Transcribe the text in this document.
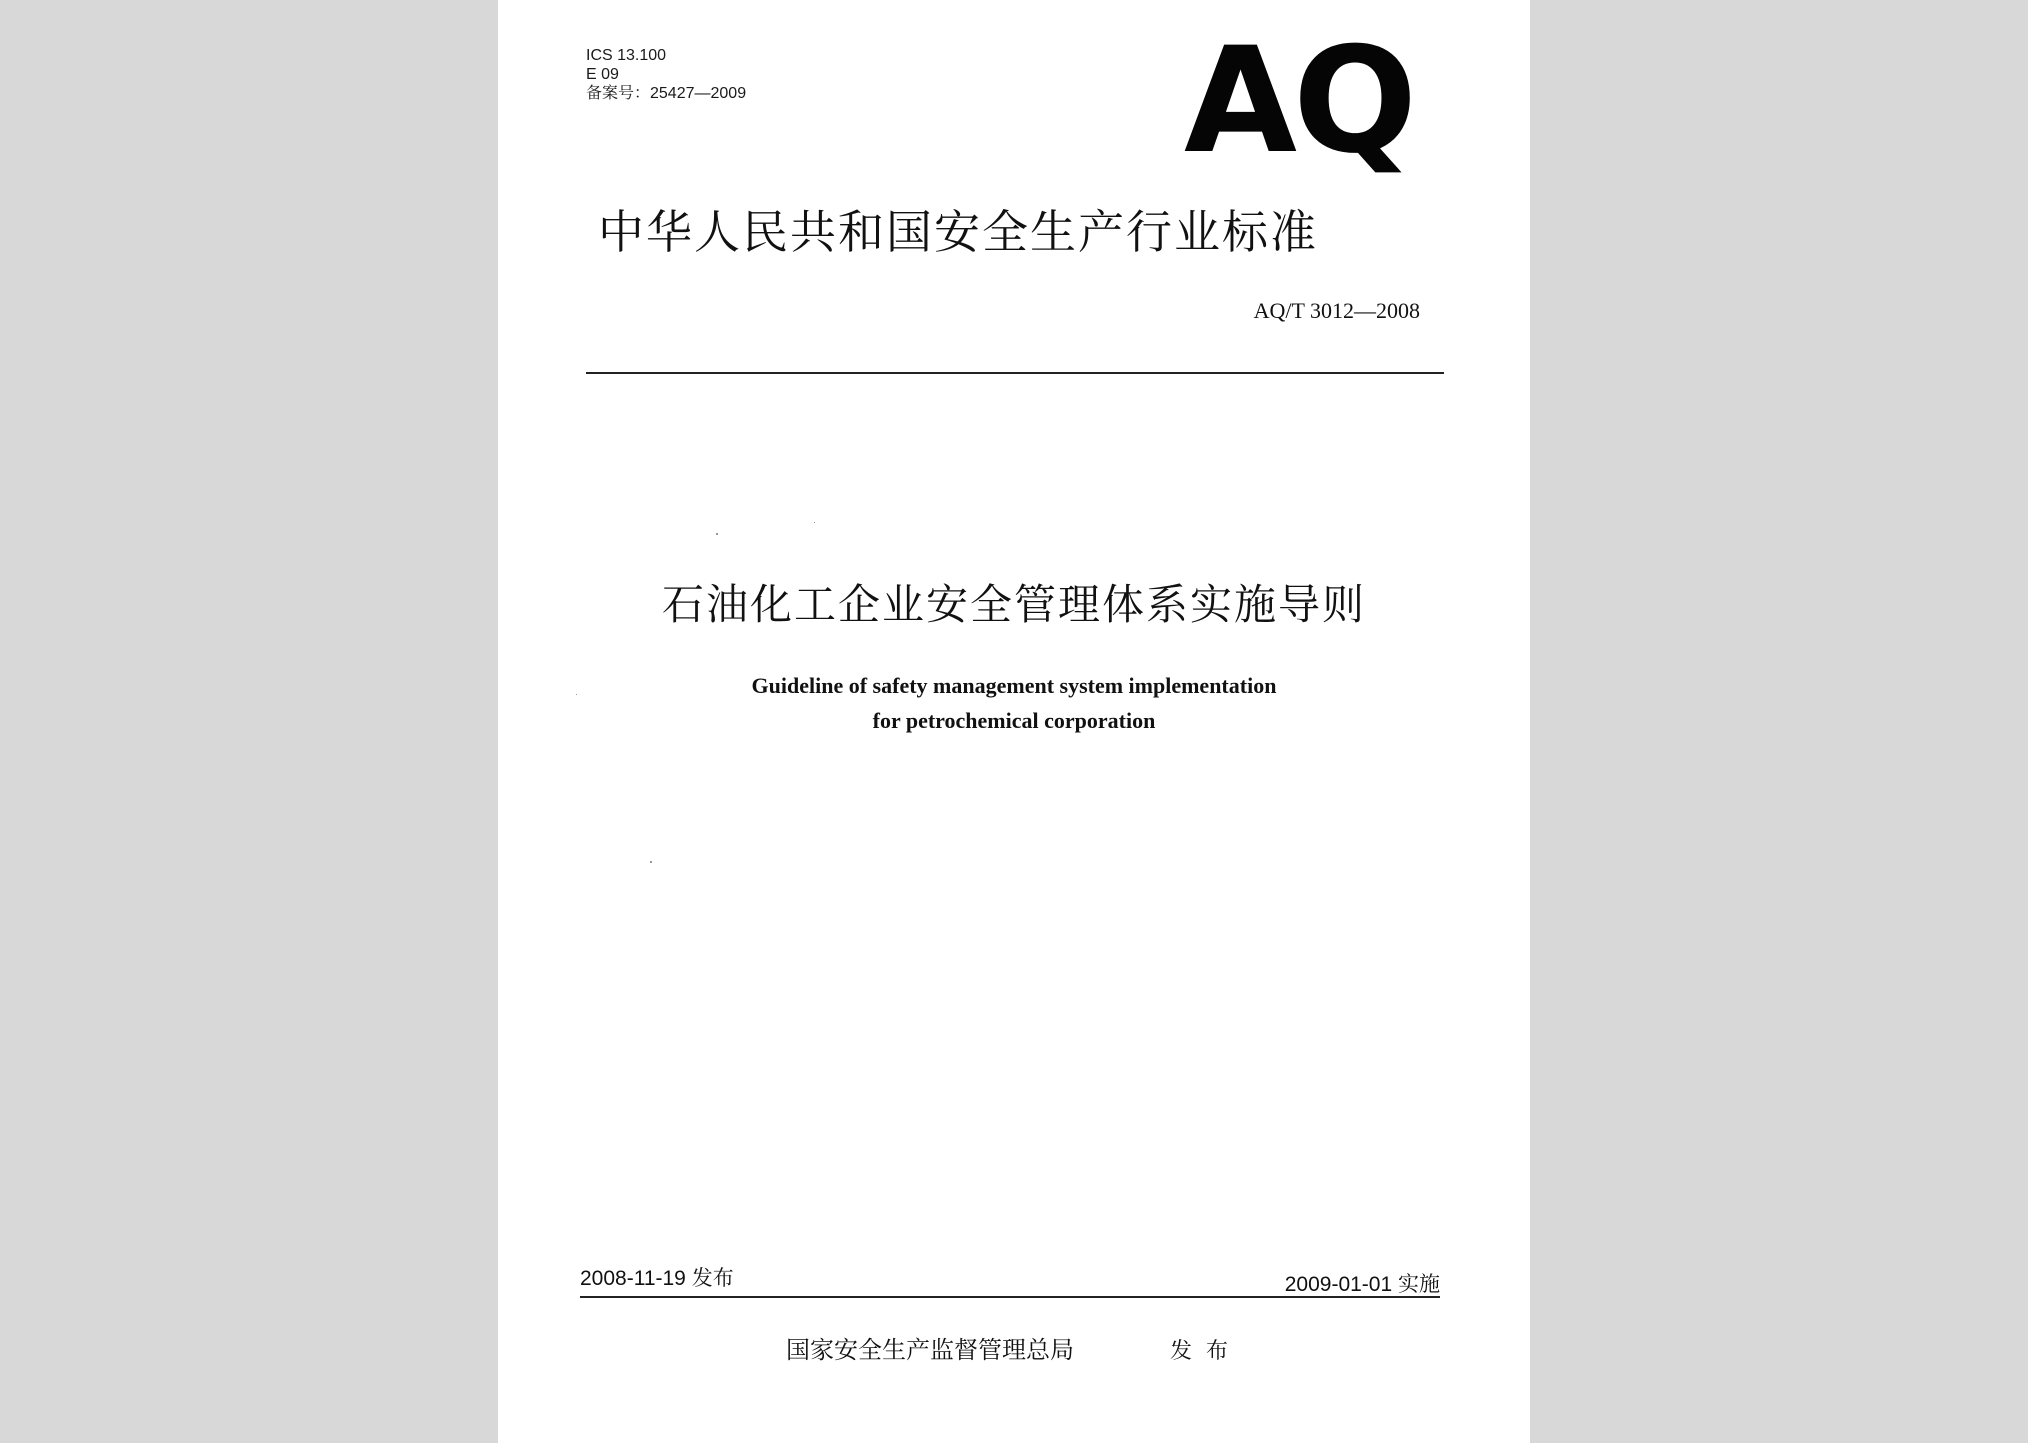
ICS 13.100
E 09
备案号：25427—2009	AQ
中华人民共和国安全生产行业标准
AQ/T 3012—2008
石油化工企业安全管理体系实施导则
Guideline of safety management system implementation
for petrochemical corporation
2008-11-19 发布	2009-01-01 实施
国家安全生产监督管理总局	发布
